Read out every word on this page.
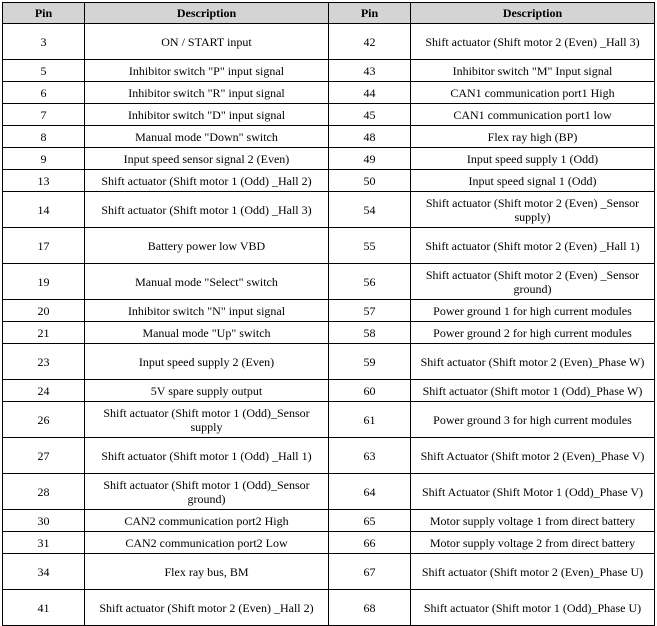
Pin	Description	Pin	Description
3	ON / START input	42	Shift actuator (Shift motor 2 (Even) _Hall 3)
5	Inhibitor switch "P" input signal	43	Inhibitor switch "M" Input signal
6	Inhibitor switch "R" input signal	44	CAN1 communication port1 High
7	Inhibitor switch "D" input signal	45	CAN1 communication port1 low
8	Manual mode "Down" switch	48	Flex ray high (BP)
9	Input speed sensor signal 2 (Even)	49	Input speed supply 1 (Odd)
13	Shift actuator (Shift motor 1 (Odd) _Hall 2)	50	Input speed signal 1 (Odd)
14	Shift actuator (Shift motor 1 (Odd) _Hall 3)	54	Shift actuator (Shift motor 2 (Even) _Sensor supply)
17	Battery power low VBD	55	Shift actuator (Shift motor 2 (Even) _Hall 1)
19	Manual mode "Select" switch	56	Shift actuator (Shift motor 2 (Even) _Sensor ground)
20	Inhibitor switch "N" input signal	57	Power ground 1 for high current modules
21	Manual mode "Up" switch	58	Power ground 2 for high current modules
23	Input speed supply 2 (Even)	59	Shift actuator (Shift motor 2 (Even)_Phase W)
24	5V spare supply output	60	Shift actuator (Shift motor 1 (Odd)_Phase W)
26	Shift actuator (Shift motor 1 (Odd)_Sensor supply	61	Power ground 3 for high current modules
27	Shift actuator (Shift motor 1 (Odd) _Hall 1)	63	Shift Actuator (Shift motor 2 (Even)_Phase V)
28	Shift actuator (Shift motor 1 (Odd)_Sensor ground)	64	Shift Actuator (Shift Motor 1 (Odd)_Phase V)
30	CAN2 communication port2 High	65	Motor supply voltage 1 from direct battery
31	CAN2 communication port2 Low	66	Motor supply voltage 2 from direct battery
34	Flex ray bus, BM	67	Shift actuator (Shift motor 2 (Even)_Phase U)
41	Shift actuator (Shift motor 2 (Even) _Hall 2)	68	Shift actuator (Shift motor 1 (Odd)_Phase U)
